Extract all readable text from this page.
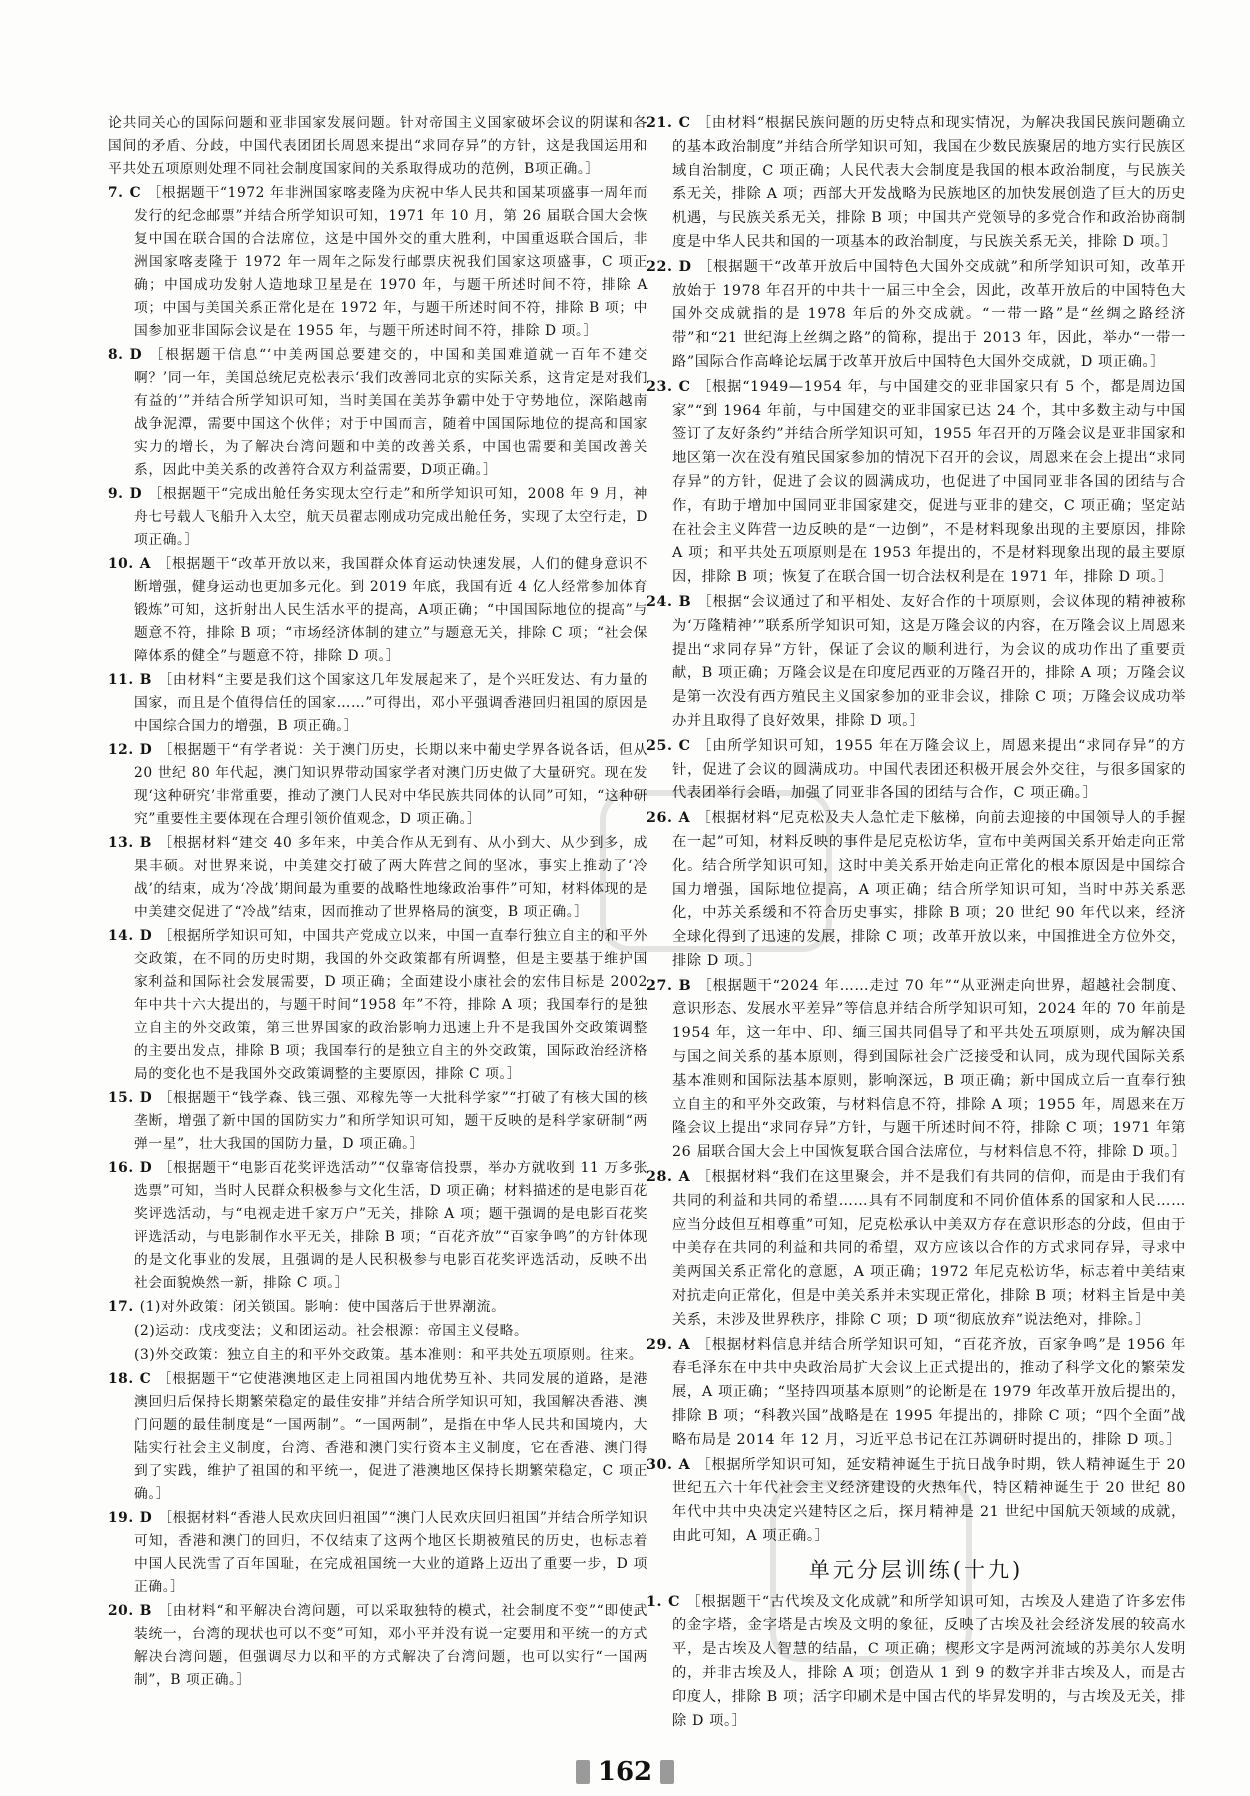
论共同关心的国际问题和亚非国家发展问题。针对帝国主义国家破坏会议的阴谋和各国间的矛盾、分歧，中国代表团团长周恩来提出“求同存异”的方针，这是我国运用和平共处五项原则处理不同社会制度国家间的关系取得成功的范例，B项正确。］

7. C ［根据题干“1972 年非洲国家喀麦隆为庆祝中华人民共和国某项盛事一周年而发行的纪念邮票”并结合所学知识可知，1971 年 10 月，第 26 届联合国大会恢复中国在联合国的合法席位，这是中国外交的重大胜利，中国重返联合国后，非洲国家喀麦隆于 1972 年一周年之际发行邮票庆祝我们国家这项盛事，C 项正确；中国成功发射人造地球卫星是在 1970 年，与题干所述时间不符，排除 A 项；中国与美国关系正常化是在 1972 年，与题干所述时间不符，排除 B 项；中国参加亚非国际会议是在 1955 年，与题干所述时间不符，排除 D 项。］

8. D ［根据题干信息“‘中美两国总要建交的，中国和美国难道就一百年不建交啊？’同一年，美国总统尼克松表示‘我们改善同北京的实际关系，这肯定是对我们有益的’”并结合所学知识可知，当时美国在美苏争霸中处于守势地位，深陷越南战争泥潭，需要中国这个伙伴；对于中国而言，随着中国国际地位的提高和国家实力的增长，为了解决台湾问题和中美的改善关系，中国也需要和美国改善关系，因此中美关系的改善符合双方利益需要，D项正确。］

9. D ［根据题干“完成出舱任务实现太空行走”和所学知识可知，2008 年 9 月，神舟七号载人飞船升入太空，航天员翟志刚成功完成出舱任务，实现了太空行走，D项正确。］

10. A ［根据题干“改革开放以来，我国群众体育运动快速发展，人们的健身意识不断增强，健身运动也更加多元化。到 2019 年底，我国有近 4 亿人经常参加体育锻炼”可知，这折射出人民生活水平的提高，A项正确；“中国国际地位的提高”与题意不符，排除 B 项；“市场经济体制的建立”与题意无关，排除 C 项；“社会保障体系的健全”与题意不符，排除 D 项。］

11. B ［由材料“主要是我们这个国家这几年发展起来了，是个兴旺发达、有力量的国家，而且是个值得信任的国家……”可得出，邓小平强调香港回归祖国的原因是中国综合国力的增强，B 项正确。］

12. D ［根据题干“有学者说：关于澳门历史，长期以来中葡史学界各说各话，但从 20 世纪 80 年代起，澳门知识界带动国家学者对澳门历史做了大量研究。现在发现‘这种研究’非常重要，推动了澳门人民对中华民族共同体的认同”可知，“这种研究”重要性主要体现在合理引领价值观念，D 项正确。］

13. B ［根据材料“建交 40 多年来，中美合作从无到有、从小到大、从少到多，成果丰硕。对世界来说，中美建交打破了两大阵营之间的坚冰，事实上推动了‘冷战’的结束，成为‘冷战’期间最为重要的战略性地缘政治事件”可知，材料体现的是中美建交促进了“冷战”结束，因而推动了世界格局的演变，B 项正确。］

14. D ［根据所学知识可知，中国共产党成立以来，中国一直奉行独立自主的和平外交政策，在不同的历史时期，我国的外交政策都有所调整，但是主要基于维护国家利益和国际社会发展需要，D 项正确；全面建设小康社会的宏伟目标是 2002 年中共十六大提出的，与题干时间“1958 年”不符，排除 A 项；我国奉行的是独立自主的外交政策，第三世界国家的政治影响力迅速上升不是我国外交政策调整的主要出发点，排除 B 项；我国奉行的是独立自主的外交政策，国际政治经济格局的变化也不是我国外交政策调整的主要原因，排除 C 项。］

15. D ［根据题干“钱学森、钱三强、邓稼先等一大批科学家”“打破了有核大国的核垄断，增强了新中国的国防实力”和所学知识可知，题干反映的是科学家研制“两弹一星”，壮大我国的国防力量，D 项正确。］

16. D ［根据题干“电影百花奖评选活动”“仅靠寄信投票，举办方就收到 11 万多张选票”可知，当时人民群众积极参与文化生活，D 项正确；材料描述的是电影百花奖评选活动，与“电视走进千家万户”无关，排除 A 项；题干强调的是电影百花奖评选活动，与电影制作水平无关，排除 B 项；“百花齐放”“百家争鸣”的方针体现的是文化事业的发展，且强调的是人民积极参与电影百花奖评选活动，反映不出社会面貌焕然一新，排除 C 项。］

17. (1)对外政策：闭关锁国。影响：使中国落后于世界潮流。

(2)运动：戊戌变法；义和团运动。社会根源：帝国主义侵略。

(3)外交政策：独立自主的和平外交政策。基本准则：和平共处五项原则。往来。

18. C ［根据题干“它使港澳地区走上同祖国内地优势互补、共同发展的道路，是港澳回归后保持长期繁荣稳定的最佳安排”并结合所学知识可知，我国解决香港、澳门问题的最佳制度是“一国两制”。“一国两制”，是指在中华人民共和国境内，大陆实行社会主义制度，台湾、香港和澳门实行资本主义制度，它在香港、澳门得到了实践，维护了祖国的和平统一，促进了港澳地区保持长期繁荣稳定，C 项正确。］

19. D ［根据材料“香港人民欢庆回归祖国”“澳门人民欢庆回归祖国”并结合所学知识可知，香港和澳门的回归，不仅结束了这两个地区长期被殖民的历史，也标志着中国人民洗雪了百年国耻，在完成祖国统一大业的道路上迈出了重要一步，D 项正确。］

20. B ［由材料“和平解决台湾问题，可以采取独特的模式，社会制度不变”“即使武装统一，台湾的现状也可以不变”可知，邓小平并没有说一定要用和平统一的方式解决台湾问题，但强调尽力以和平的方式解决了台湾问题，也可以实行“一国两制”，B 项正确。］

21. C ［由材料“根据民族问题的历史特点和现实情况，为解决我国民族问题确立的基本政治制度”并结合所学知识可知，我国在少数民族聚居的地方实行民族区域自治制度，C 项正确；人民代表大会制度是我国的根本政治制度，与民族关系无关，排除 A 项；西部大开发战略为民族地区的加快发展创造了巨大的历史机遇，与民族关系无关，排除 B 项；中国共产党领导的多党合作和政治协商制度是中华人民共和国的一项基本的政治制度，与民族关系无关，排除 D 项。］

22. D ［根据题干“改革开放后中国特色大国外交成就”和所学知识可知，改革开放始于 1978 年召开的中共十一届三中全会，因此，改革开放后的中国特色大国外交成就指的是 1978 年后的外交成就。“一带一路”是“丝绸之路经济带”和“21 世纪海上丝绸之路”的简称，提出于 2013 年，因此，举办“一带一路”国际合作高峰论坛属于改革开放后中国特色大国外交成就，D 项正确。］

23. C ［根据“1949—1954 年，与中国建交的亚非国家只有 5 个，都是周边国家”“到 1964 年前，与中国建交的亚非国家已达 24 个，其中多数主动与中国签订了友好条约”并结合所学知识可知，1955 年召开的万隆会议是亚非国家和地区第一次在没有殖民国家参加的情况下召开的会议，周恩来在会上提出“求同存异”的方针，促进了会议的圆满成功，也促进了中国同亚非各国的团结与合作，有助于增加中国同亚非国家建交，促进与亚非的建交，C 项正确；坚定站在社会主义阵营一边反映的是“一边倒”，不是材料现象出现的主要原因，排除 A 项；和平共处五项原则是在 1953 年提出的，不是材料现象出现的最主要原因，排除 B 项；恢复了在联合国一切合法权利是在 1971 年，排除 D 项。］

24. B ［根据“会议通过了和平相处、友好合作的十项原则，会议体现的精神被称为‘万隆精神’”联系所学知识可知，这是万隆会议的内容，在万隆会议上周恩来提出“求同存异”方针，保证了会议的顺利进行，为会议的成功作出了重要贡献，B 项正确；万隆会议是在印度尼西亚的万隆召开的，排除 A 项；万隆会议是第一次没有西方殖民主义国家参加的亚非会议，排除 C 项；万隆会议成功举办并且取得了良好效果，排除 D 项。］

25. C ［由所学知识可知，1955 年在万隆会议上，周恩来提出“求同存异”的方针，促进了会议的圆满成功。中国代表团还积极开展会外交往，与很多国家的代表团举行会晤，加强了同亚非各国的团结与合作，C 项正确。］

26. A ［根据材料“尼克松及夫人急忙走下舷梯，向前去迎接的中国领导人的手握在一起”可知，材料反映的事件是尼克松访华，宣布中美两国关系开始走向正常化。结合所学知识可知，这时中美关系开始走向正常化的根本原因是中国综合国力增强，国际地位提高，A 项正确；结合所学知识可知，当时中苏关系恶化，中苏关系缓和不符合历史事实，排除 B 项；20 世纪 90 年代以来，经济全球化得到了迅速的发展，排除 C 项；改革开放以来，中国推进全方位外交，排除 D 项。］

27. B ［根据题干“2024 年……走过 70 年”“从亚洲走向世界，超越社会制度、意识形态、发展水平差异”等信息并结合所学知识可知，2024 年的 70 年前是 1954 年，这一年中、印、缅三国共同倡导了和平共处五项原则，成为解决国与国之间关系的基本原则，得到国际社会广泛接受和认同，成为现代国际关系基本准则和国际法基本原则，影响深远，B 项正确；新中国成立后一直奉行独立自主的和平外交政策，与材料信息不符，排除 A 项；1955 年，周恩来在万隆会议上提出“求同存异”方针，与题干所述时间不符，排除 C 项；1971 年第 26 届联合国大会上中国恢复联合国合法席位，与材料信息不符，排除 D 项。］

28. A ［根据材料“我们在这里聚会，并不是我们有共同的信仰，而是由于我们有共同的利益和共同的希望……具有不同制度和不同价值体系的国家和人民……应当分歧但互相尊重”可知，尼克松承认中美双方存在意识形态的分歧，但由于中美存在共同的利益和共同的希望，双方应该以合作的方式求同存异，寻求中美两国关系正常化的意愿，A 项正确；1972 年尼克松访华，标志着中美结束对抗走向正常化，但是中美关系并未实现正常化，排除 B 项；材料主旨是中美关系，未涉及世界秩序，排除 C 项；D 项“彻底放弃”说法绝对，排除。］

29. A ［根据材料信息并结合所学知识可知，“百花齐放，百家争鸣”是 1956 年春毛泽东在中共中央政治局扩大会议上正式提出的，推动了科学文化的繁荣发展，A 项正确；“坚持四项基本原则”的论断是在 1979 年改革开放后提出的，排除 B 项；“科教兴国”战略是在 1995 年提出的，排除 C 项；“四个全面”战略布局是 2014 年 12 月，习近平总书记在江苏调研时提出的，排除 D 项。］

30. A ［根据所学知识可知，延安精神诞生于抗日战争时期，铁人精神诞生于 20 世纪五六十年代社会主义经济建设的火热年代，特区精神诞生于 20 世纪 80 年代中共中央决定兴建特区之后，探月精神是 21 世纪中国航天领域的成就，由此可知，A 项正确。］

单元分层训练(十九)

1. C ［根据题干“古代埃及文化成就”和所学知识可知，古埃及人建造了许多宏伟的金字塔，金字塔是古埃及文明的象征，反映了古埃及社会经济发展的较高水平，是古埃及人智慧的结晶，C 项正确；楔形文字是两河流域的苏美尔人发明的，并非古埃及人，排除 A 项；创造从 1 到 9 的数字并非古埃及人，而是古印度人，排除 B 项；活字印刷术是中国古代的毕昇发明的，与古埃及无关，排除 D 项。］

162
